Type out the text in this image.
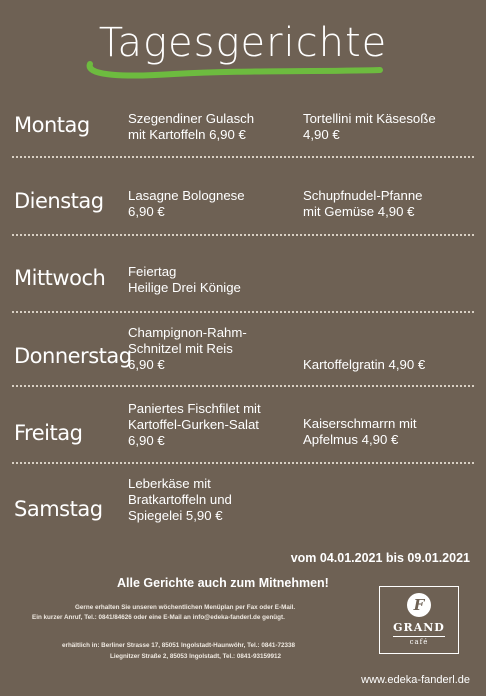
Tagesgerichte
Montag	Szegendiner Gulasch
mit Kartoffeln 6,90 €
Tortellini mit Käsesoße
4,90 €
Dienstag Lasagne Bolognese
6,90 €
Schupfnudel-Pfanne
mit Gemüse 4,90 €
Mittwoch Feiertag
Heilige Drei Könige
Donnerstag
Champignon-Rahm-
Schnitzel mit Reis
6,90 €	Kartoffelgratin 4,90 €
Freitag
Paniertes Fischfilet mit
Kartoffel-Gurken-Salat
6,90 €
Kaiserschmarrn mit
Apfelmus 4,90 €
Samstag
Leberkäse mit
Bratkartoffeln und
Spiegelei 5,90 €
vom 04.01.2021 bis 09.01.2021
Alle Gerichte auch zum Mitnehmen!
Gerne erhalten Sie unseren wöchentlichen Menüplan per Fax oder E-Mail.
Ein kurzer Anruf, Tel.: 0841/84626 oder eine E-Mail an info@edeka-fanderl.de genügt.
erhältlich in: Berliner Strasse 17, 85051 Ingolstadt-Haunwöhr, Tel.: 0841-72338
Liegnitzer Straße 2, 85053 Ingolstadt, Tel.: 0841-93159912
F
GRAND
café
www.edeka-fanderl.de
